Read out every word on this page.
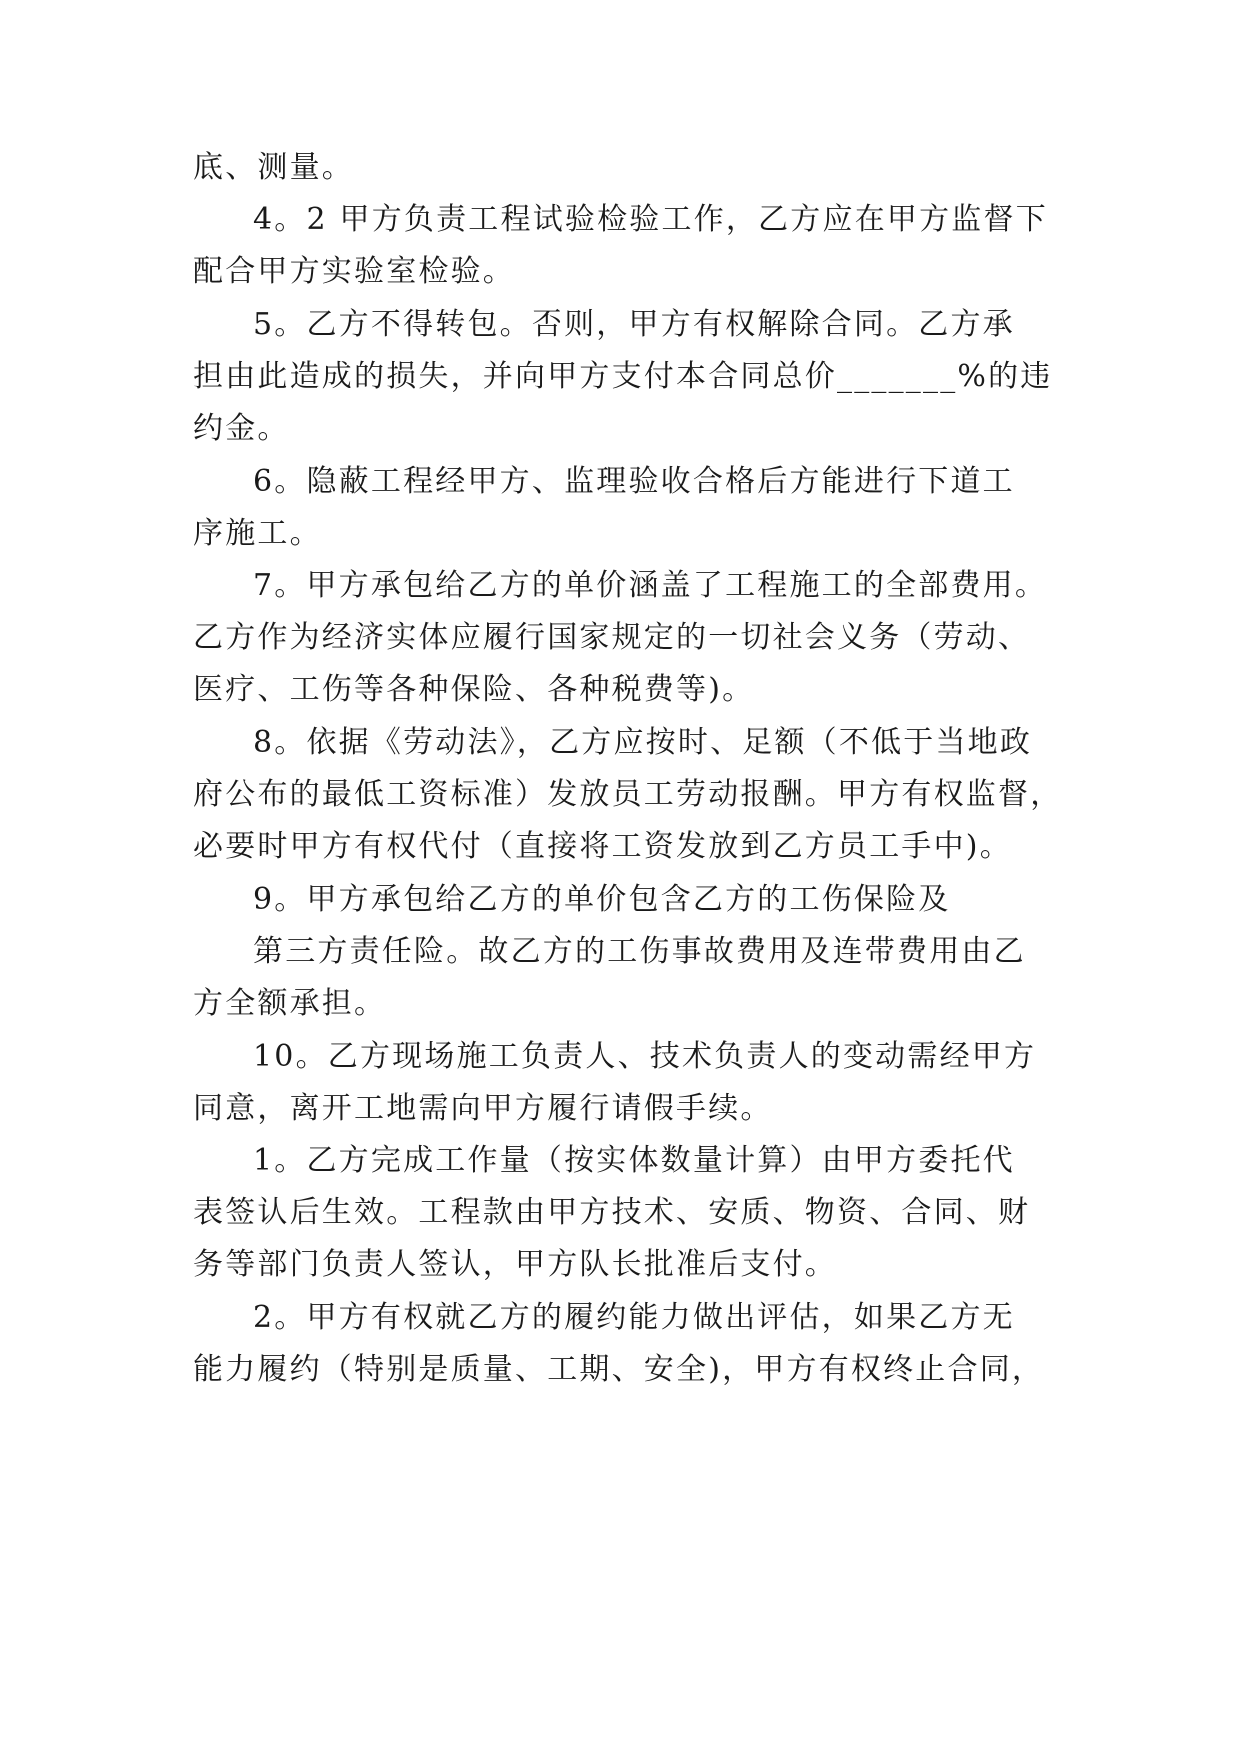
底、测量。
4。2 甲方负责工程试验检验工作，乙方应在甲方监督下
配合甲方实验室检验。
5。乙方不得转包。否则，甲方有权解除合同。乙方承
担由此造成的损失，并向甲方支付本合同总价_______%的违
约金。
6。隐蔽工程经甲方、监理验收合格后方能进行下道工
序施工。
7。甲方承包给乙方的单价涵盖了工程施工的全部费用。
乙方作为经济实体应履行国家规定的一切社会义务（劳动、
医疗、工伤等各种保险、各种税费等)。
8。依据《劳动法》，乙方应按时、足额（不低于当地政
府公布的最低工资标准）发放员工劳动报酬。甲方有权监督，
必要时甲方有权代付（直接将工资发放到乙方员工手中)。
9。甲方承包给乙方的单价包含乙方的工伤保险及
第三方责任险。故乙方的工伤事故费用及连带费用由乙
方全额承担。
10。乙方现场施工负责人、技术负责人的变动需经甲方
同意，离开工地需向甲方履行请假手续。
1。乙方完成工作量（按实体数量计算）由甲方委托代
表签认后生效。工程款由甲方技术、安质、物资、合同、财
务等部门负责人签认，甲方队长批准后支付。
2。甲方有权就乙方的履约能力做出评估，如果乙方无
能力履约（特别是质量、工期、安全)，甲方有权终止合同，
